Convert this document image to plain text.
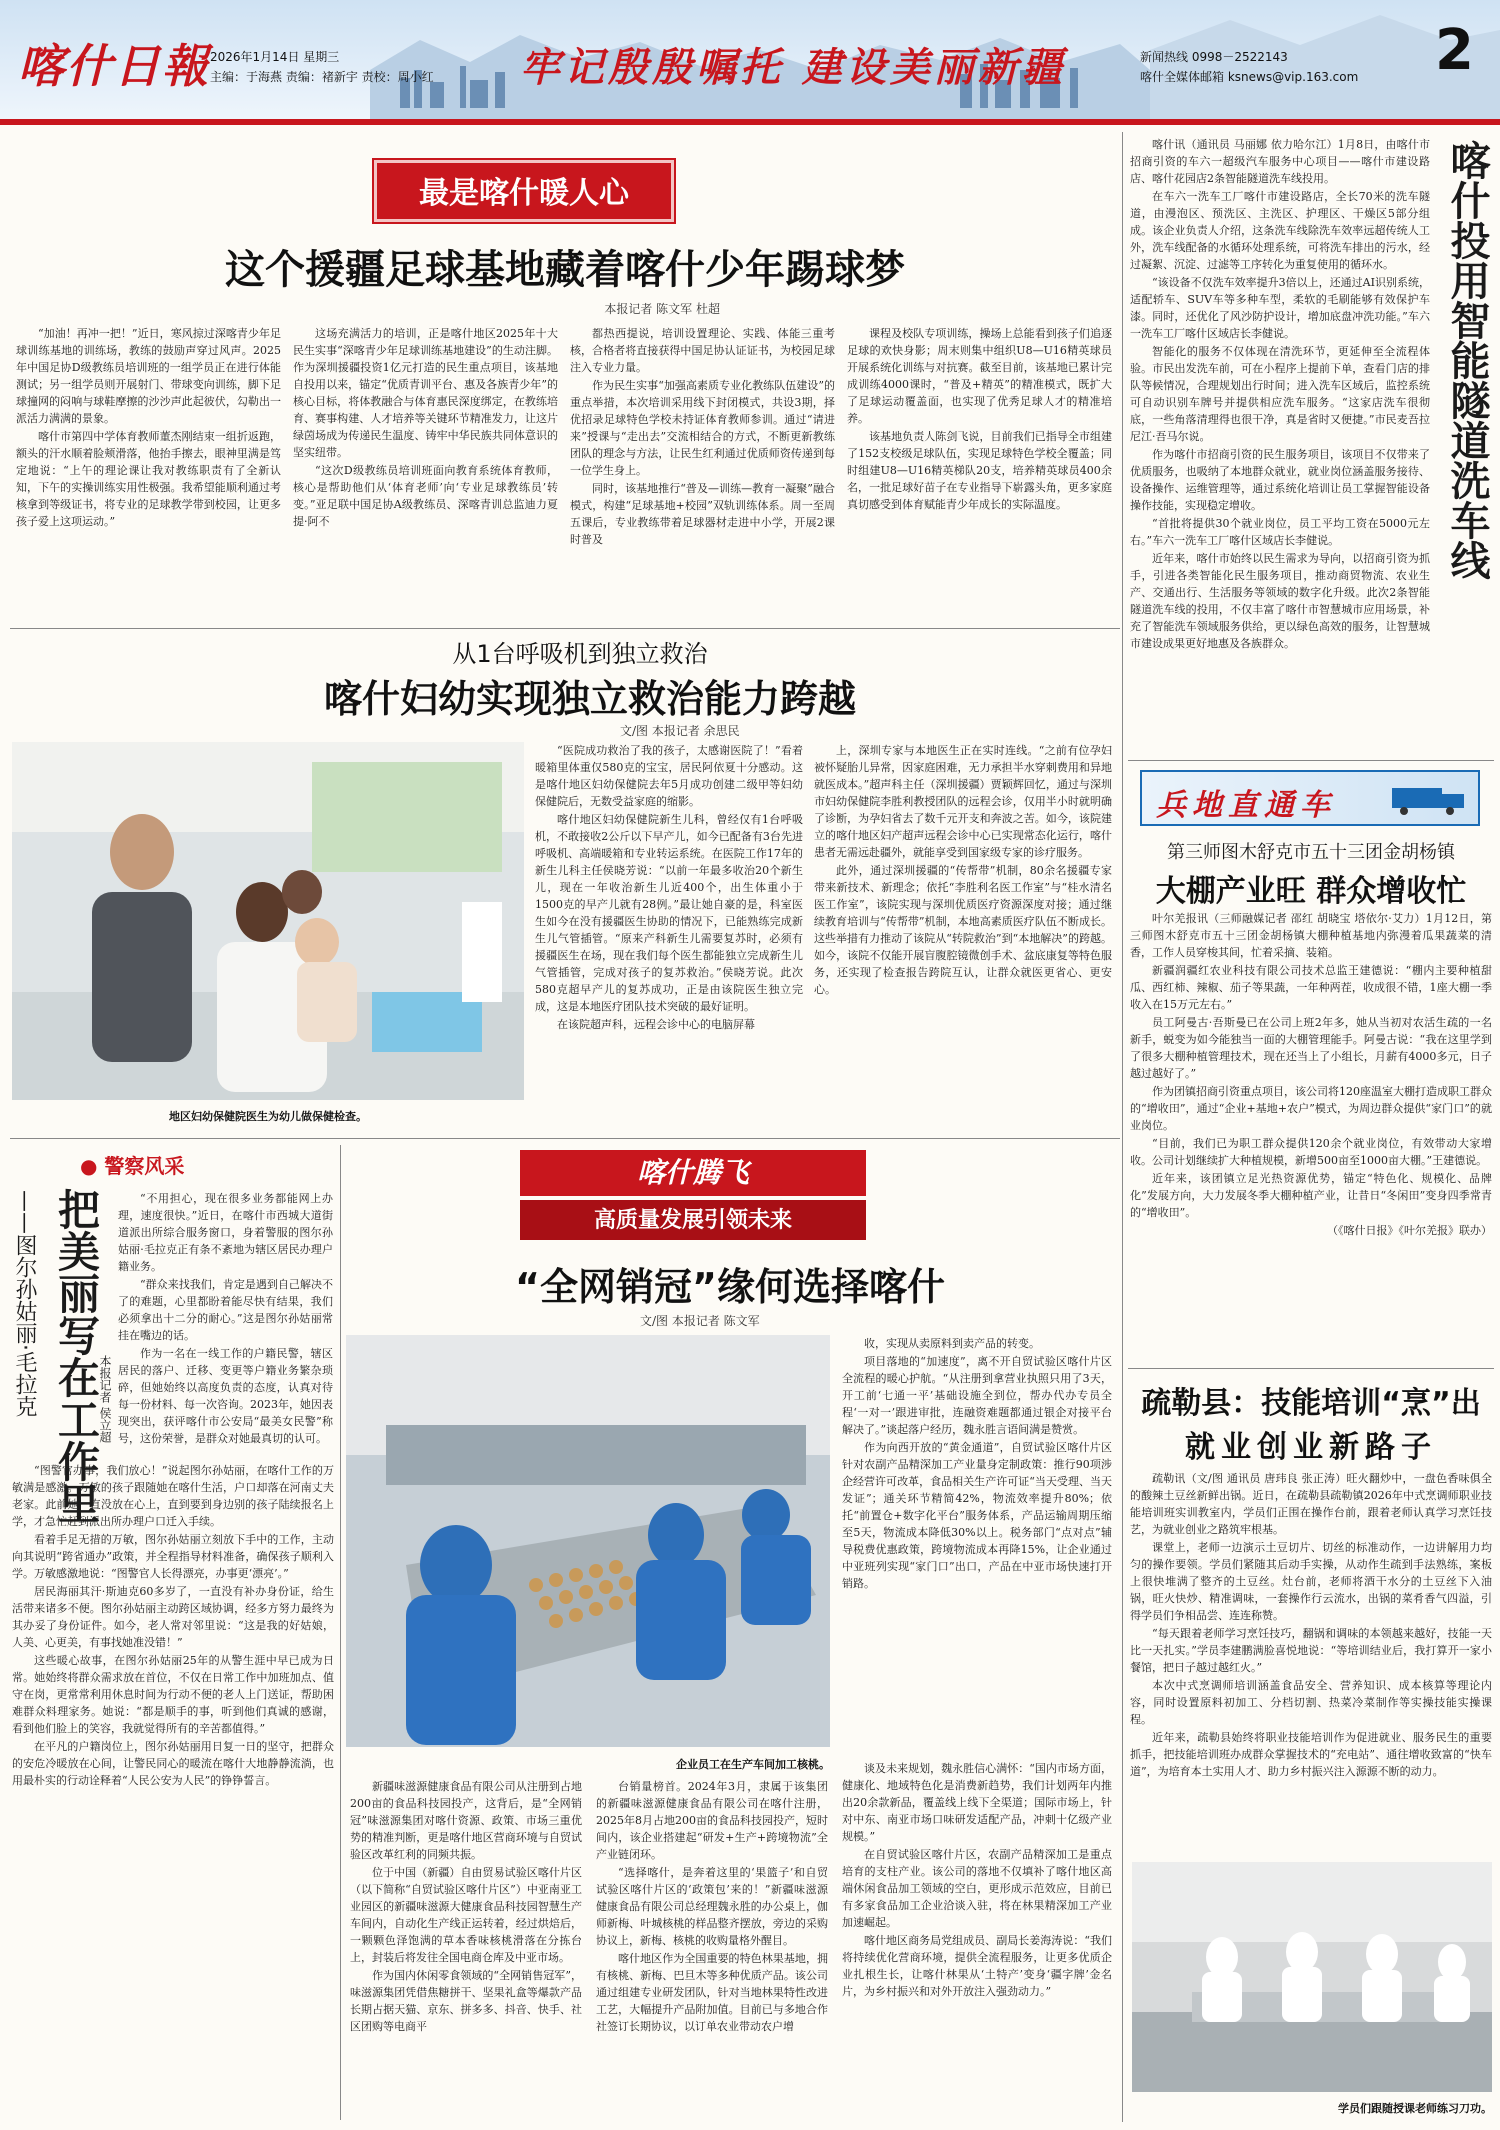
喀什日報 2026年1月14日 星期三
主编：于海燕 责编：褚新宇 责校：周小红 牢记殷殷嘱托 建设美丽新疆	新闻热线 0998－2522143
喀什全媒体邮箱 ksnews@vip.163.com 2
最是喀什暖人心
这个援疆足球基地藏着喀什少年踢球梦
本报记者 陈文军 杜超

“加油！再冲一把！”近日，寒风掠过深喀青少年足球训练基地的训练场，教练的鼓励声穿过风声。2025年中国足协D级教练员培训班的一组学员正在进行体能测试；另一组学员则开展射门、带球变向训练，脚下足球撞网的闷响与球鞋摩擦的沙沙声此起彼伏，勾勒出一派活力满满的景象。

喀什市第四中学体育教师董杰刚结束一组折返跑，额头的汗水顺着脸颊滑落，他抬手擦去，眼神里满是笃定地说：“上午的理论课让我对教练职责有了全新认知，下午的实操训练实用性极强。我希望能顺利通过考核拿到等级证书，将专业的足球教学带到校园，让更多孩子爱上这项运动。”

这场充满活力的培训，正是喀什地区2025年十大民生实事“深喀青少年足球训练基地建设”的生动注脚。作为深圳援疆投资1亿元打造的民生重点项目，该基地自投用以来，锚定“优质青训平台、惠及各族青少年”的核心目标，将体教融合与体育惠民深度绑定，在教练培育、赛事构建、人才培养等关键环节精准发力，让这片绿茵场成为传递民生温度、铸牢中华民族共同体意识的坚实纽带。

“这次D级教练员培训班面向教育系统体育教师，核心是帮助他们从‘体育老师’向‘专业足球教练员’转变。”亚足联中国足协A级教练员、深喀青训总监迪力夏提·阿不

都热西提说，培训设置理论、实践、体能三重考核，合格者将直接获得中国足协认证证书，为校园足球注入专业力量。

作为民生实事“加强高素质专业化教练队伍建设”的重点举措，本次培训采用线下封闭模式，共设3期，择优招录足球特色学校未持证体育教师参训。通过“请进来”授课与“走出去”交流相结合的方式，不断更新教练团队的理念与方法，让民生红利通过优质师资传递到每一位学生身上。

同时，该基地推行“普及—训练—教育一凝聚”融合模式，构建“足球基地+校园”双轨训练体系。周一至周五课后，专业教练带着足球器材走进中小学，开展2课时普及

课程及校队专项训练，操场上总能看到孩子们追逐足球的欢快身影；周末则集中组织U8—U16精英球员开展系统化训练与对抗赛。截至目前，该基地已累计完成训练4000课时，“普及+精英”的精准模式，既扩大了足球运动覆盖面，也实现了优秀足球人才的精准培养。

该基地负责人陈剑飞说，目前我们已指导全市组建了152支校级足球队伍，实现足球特色学校全覆盖；同时组建U8—U16精英梯队20支，培养精英球员400余名，一批足球好苗子在专业指导下崭露头角，更多家庭真切感受到体育赋能青少年成长的实际温度。

从1台呼吸机到独立救治
喀什妇幼实现独立救治能力跨越
文/图 本报记者 余思民
地区妇幼保健院医生为幼儿做保健检查。

“医院成功救治了我的孩子，太感谢医院了！”看着暖箱里体重仅580克的宝宝，居民阿依夏十分感动。这是喀什地区妇幼保健院去年5月成功创建二级甲等妇幼保健院后，无数受益家庭的缩影。

喀什地区妇幼保健院新生儿科，曾经仅有1台呼吸机，不敢接收2公斤以下早产儿，如今已配备有3台先进呼吸机、高端暖箱和专业转运系统。在医院工作17年的新生儿科主任侯晓芳说：“以前一年最多收治20个新生儿，现在一年收治新生儿近400个，出生体重小于1500克的早产儿就有28例。”最让她自豪的是，科室医生如今在没有援疆医生协助的情况下，已能熟练完成新生儿气管插管。“原来产科新生儿需要复苏时，必须有援疆医生在场，现在我们每个医生都能独立完成新生儿气管插管，完成对孩子的复苏救治。”侯晓芳说。此次580克超早产儿的复苏成功，正是由该院医生独立完成，这是本地医疗团队技术突破的最好证明。

在该院超声科，远程会诊中心的电脑屏幕

上，深圳专家与本地医生正在实时连线。“之前有位孕妇被怀疑胎儿异常，因家庭困难，无力承担半水穿刺费用和异地就医成本。”超声科主任（深圳援疆）贾颖辉回忆，通过与深圳市妇幼保健院李胜利教授团队的远程会诊，仅用半小时就明确了诊断，为孕妇省去了数千元开支和奔波之苦。如今，该院建立的喀什地区妇产超声远程会诊中心已实现常态化运行，喀什患者无需远赴疆外，就能享受到国家级专家的诊疗服务。

此外，通过深圳援疆的“传帮带”机制，80余名援疆专家带来新技术、新理念；依托“李胜利名医工作室”与“桂水清名医工作室”，该院实现与深圳优质医疗资源深度对接；通过继续教育培训与“传帮带”机制，本地高素质医疗队伍不断成长。这些举措有力推动了该院从“转院救治”到“本地解决”的跨越。如今，该院不仅能开展盲腹腔镜微创手术、盆底康复等特色服务，还实现了检查报告跨院互认，让群众就医更省心、更安心。

● 警察风采
把美丽写在工作里
——图尔孙姑丽·毛拉克	本报记者 侯立超

“不用担心，现在很多业务都能网上办理，速度很快。”近日，在喀什市西城大道街道派出所综合服务窗口，身着警服的图尔孙姑丽·毛拉克正有条不紊地为辖区居民办理户籍业务。

“群众来找我们，肯定是遇到自己解决不了的难题，心里都盼着能尽快有结果，我们必须拿出十二分的耐心。”这是图尔孙姑丽常挂在嘴边的话。

作为一名在一线工作的户籍民警，辖区居民的落户、迁移、变更等户籍业务繁杂琐碎，但她始终以高度负责的态度，认真对待每一份材料、每一次咨询。2023年，她因表现突出，获评喀什市公安局“最美女民警”称号，这份荣誉，是群众对她最真切的认可。

“图警官办事，我们放心！”说起图尔孙姑丽，在喀什工作的万敏满是感激。万敏的孩子跟随她在喀什生活，户口却落在河南丈夫老家。此前她一直没放在心上，直到要到身边别的孩子陆续报名上学，才急忙赶到派出所办理户口迁入手续。

看着手足无措的万敏，图尔孙姑丽立刻放下手中的工作，主动向其说明“跨省通办”政策，并全程指导材料准备，确保孩子顺利入学。万敏感激地说：“图警官人长得漂亮，办事更‘漂亮’。”

居民海丽其汗·斯迪克60多岁了，一直没有补办身份证，给生活带来诸多不便。图尔孙姑丽主动跨区域协调，经多方努力最终为其办妥了身份证件。如今，老人常对邻里说：“这是我的好姑娘，人美、心更美，有事找她准没错！”

这些暖心故事，在图尔孙姑丽25年的从警生涯中早已成为日常。她始终将群众需求放在首位，不仅在日常工作中加班加点、值守在岗，更常常利用休息时间为行动不便的老人上门送证，帮助困难群众料理家务。她说：“都是顺手的事，听到他们真诚的感谢，看到他们脸上的笑容，我就觉得所有的辛苦都值得。”

在平凡的户籍岗位上，图尔孙姑丽用日复一日的坚守，把群众的安危冷暖放在心间，让警民同心的暖流在喀什大地静静流淌，也用最朴实的行动诠释着“人民公安为人民”的铮铮誓言。

喀什腾飞
高质量发展引领未来
“全网销冠”缘何选择喀什
文/图 本报记者 陈文军
企业员工在生产车间加工核桃。

新疆味滋源健康食品有限公司从注册到占地200亩的食品科技园投产，这背后，是“全网销冠”味滋源集团对喀什资源、政策、市场三重优势的精准判断，更是喀什地区营商环境与自贸试验区改革红利的同频共振。

位于中国（新疆）自由贸易试验区喀什片区（以下简称“自贸试验区喀什片区”）中亚南亚工业园区的新疆味滋源大健康食品科技园智慧生产车间内，自动化生产线正运转着，经过烘焙后，一颗颗色泽饱满的草本香味核桃滑落在分拣台上，封装后将发往全国电商仓库及中亚市场。

作为国内休闲零食领域的“全网销售冠军”，味滋源集团凭借焦糖拼干、坚果礼盒等爆款产品长期占据天猫、京东、拼多多、抖音、快手、社区团购等电商平

台销量榜首。2024年3月，隶属于该集团的新疆味滋源健康食品有限公司在喀什注册，2025年8月占地200亩的食品科技园投产，短时间内，该企业搭建起“研发+生产+跨境物流”全产业链闭环。

“选择喀什，是奔着这里的‘果篮子’和自贸试验区喀什片区的‘政策包’来的！”新疆味滋源健康食品有限公司总经理魏永胜的办公桌上，伽师新梅、叶城核桃的样品整齐摆放，旁边的采购协议上，新梅、核桃的收购量格外醒目。

喀什地区作为全国重要的特色林果基地，拥有核桃、新梅、巴旦木等多种优质产品。该公司通过组建专业研发团队，针对当地林果特性改进工艺，大幅提升产品附加值。目前已与多地合作社签订长期协议，以订单农业带动农户增

收，实现从卖原料到卖产品的转变。

项目落地的“加速度”，离不开自贸试验区喀什片区全流程的暖心护航。“从注册到拿营业执照只用了3天，开工前‘七通一平’基础设施全到位，帮办代办专员全程‘一对一’跟进审批，连融资难题都通过银企对接平台解决了。”谈起落户经历，魏永胜言语间满是赞赏。

作为向西开放的“黄金通道”，自贸试验区喀什片区针对农副产品精深加工产业量身定制政策：推行90项涉企经营许可改革，食品相关生产许可证“当天受理、当天发证”；通关环节精简42%，物流效率提升80%；依托“前置仓+数字化平台”服务体系，产品运输周期压缩至5天，物流成本降低30%以上。税务部门“点对点”辅导税费优惠政策，跨境物流成本再降15%，让企业通过中亚班列实现“家门口”出口，产品在中亚市场快速打开销路。

谈及未来规划，魏永胜信心满怀：“国内市场方面，健康化、地域特色化是消费新趋势，我们计划两年内推出20余款新品，覆盖线上线下全渠道；国际市场上，针对中东、南亚市场口味研发适配产品，冲刺十亿级产业规模。”

在自贸试验区喀什片区，农副产品精深加工是重点培育的支柱产业。该公司的落地不仅填补了喀什地区高端休闲食品加工领域的空白，更形成示范效应，目前已有多家食品加工企业洽谈入驻，将在林果精深加工产业加速崛起。

喀什地区商务局党组成员、副局长姜海涛说：“我们将持续优化营商环境，提供全流程服务，让更多优质企业扎根生长，让喀什林果从‘土特产’变身‘疆字牌’金名片，为乡村振兴和对外开放注入强劲动力。”

喀什投用智能隧道洗车线

喀什讯（通讯员 马丽娜 依力哈尔江）1月8日，由喀什市招商引资的车六一超级汽车服务中心项目——喀什市建设路店、喀什花园店2条智能隧道洗车线投用。

在车六一洗车工厂喀什市建设路店，全长70米的洗车隧道，由漫泡区、预洗区、主洗区、护理区、干燥区5部分组成。该企业负责人介绍，这条洗车线除洗车效率远超传统人工外，洗车线配备的水循环处理系统，可将洗车排出的污水，经过凝絮、沉淀、过滤等工序转化为重复使用的循环水。

“该设备不仅洗车效率提升3倍以上，还通过AI识别系统，适配轿车、SUV车等多种车型，柔软的毛刷能够有效保护车漆。同时，还优化了风沙防护设计，增加底盘冲洗功能。”车六一洗车工厂喀什区域店长李健说。

智能化的服务不仅体现在清洗环节，更延伸至全流程体验。市民出发洗车前，可在小程序上提前下单，查看门店的排队等候情况，合理规划出行时间；进入洗车区域后，监控系统可自动识别车牌号并提供相应洗车服务。“这家店洗车很彻底，一些角落清理得也很干净，真是省时又便捷。”市民麦吾拉尼江·吾马尔说。

作为喀什市招商引资的民生服务项目，该项目不仅带来了优质服务，也吸纳了本地群众就业，就业岗位涵盖服务接待、设备操作、运维管理等，通过系统化培训让员工掌握智能设备操作技能，实现稳定增收。

“首批将提供30个就业岗位，员工平均工资在5000元左右。”车六一洗车工厂喀什区域店长李健说。

近年来，喀什市始终以民生需求为导向，以招商引资为抓手，引进各类智能化民生服务项目，推动商贸物流、农业生产、交通出行、生活服务等领域的数字化升级。此次2条智能隧道洗车线的投用，不仅丰富了喀什市智慧城市应用场景，补充了智能洗车领域服务供给，更以绿色高效的服务，让智慧城市建设成果更好地惠及各族群众。

兵地直通车
第三师图木舒克市五十三团金胡杨镇
大棚产业旺 群众增收忙

叶尔羌报讯（三师融媒记者 邵红 胡晓宝 塔依尔·艾力）1月12日，第三师图木舒克市五十三团金胡杨镇大棚种植基地内弥漫着瓜果蔬菜的清香，工作人员穿梭其间，忙着采摘、装箱。

新疆润疆红农业科技有限公司技术总监王建德说：“棚内主要种植甜瓜、西红柿、辣椒、茄子等果蔬，一年种两茬，收成很不错，1座大棚一季收入在15万元左右。”

员工阿曼古·吾斯曼已在公司上班2年多，她从当初对农活生疏的一名新手，蜕变为如今能独当一面的大棚管理能手。阿曼古说：“我在这里学到了很多大棚种植管理技术，现在还当上了小组长，月薪有4000多元，日子越过越好了。”

作为团镇招商引资重点项目，该公司将120座温室大棚打造成职工群众的“增收田”，通过“企业+基地+农户”模式，为周边群众提供“家门口”的就业岗位。

“目前，我们已为职工群众提供120余个就业岗位，有效带动大家增收。公司计划继续扩大种植规模，新增500亩至1000亩大棚。”王建德说。

近年来，该团镇立足光热资源优势，锚定“特色化、规模化、品牌化”发展方向，大力发展冬季大棚种植产业，让昔日“冬闲田”变身四季常青的“增收田”。

（《喀什日报》《叶尔羌报》联办）

疏勒县：技能培训“烹”出
就业创业新路子

疏勒讯（文/图 通讯员 唐玮良 张正涛）旺火翻炒中，一盘色香味俱全的酸辣土豆丝新鲜出锅。近日，在疏勒县疏勒镇2026年中式烹调师职业技能培训班实训教室内，学员们正围在操作台前，跟着老师认真学习烹饪技艺，为就业创业之路筑牢根基。

课堂上，老师一边演示土豆切片、切丝的标准动作，一边讲解用力均匀的操作要领。学员们紧随其后动手实操，从动作生疏到手法熟练，案板上很快堆满了整齐的土豆丝。灶台前，老师将酒干水分的土豆丝下入油锅，旺火快炒、精准调味，一套操作行云流水，出锅的菜肴香气四溢，引得学员们争相品尝、连连称赞。

“每天跟着老师学习烹饪技巧，翻锅和调味的本领越来越好，技能一天比一天扎实。”学员李建鹏满脸喜悦地说：“等培训结业后，我打算开一家小餐馆，把日子越过越红火。”

本次中式烹调师培训涵盖食品安全、营养知识、成本核算等理论内容，同时设置原料初加工、分档切割、热菜冷菜制作等实操技能实操课程。

近年来，疏勒县始终将职业技能培训作为促进就业、服务民生的重要抓手，把技能培训班办成群众掌握技术的“充电站”、通往增收致富的“快车道”，为培育本土实用人才、助力乡村振兴注入源源不断的动力。

学员们跟随授课老师练习刀功。
